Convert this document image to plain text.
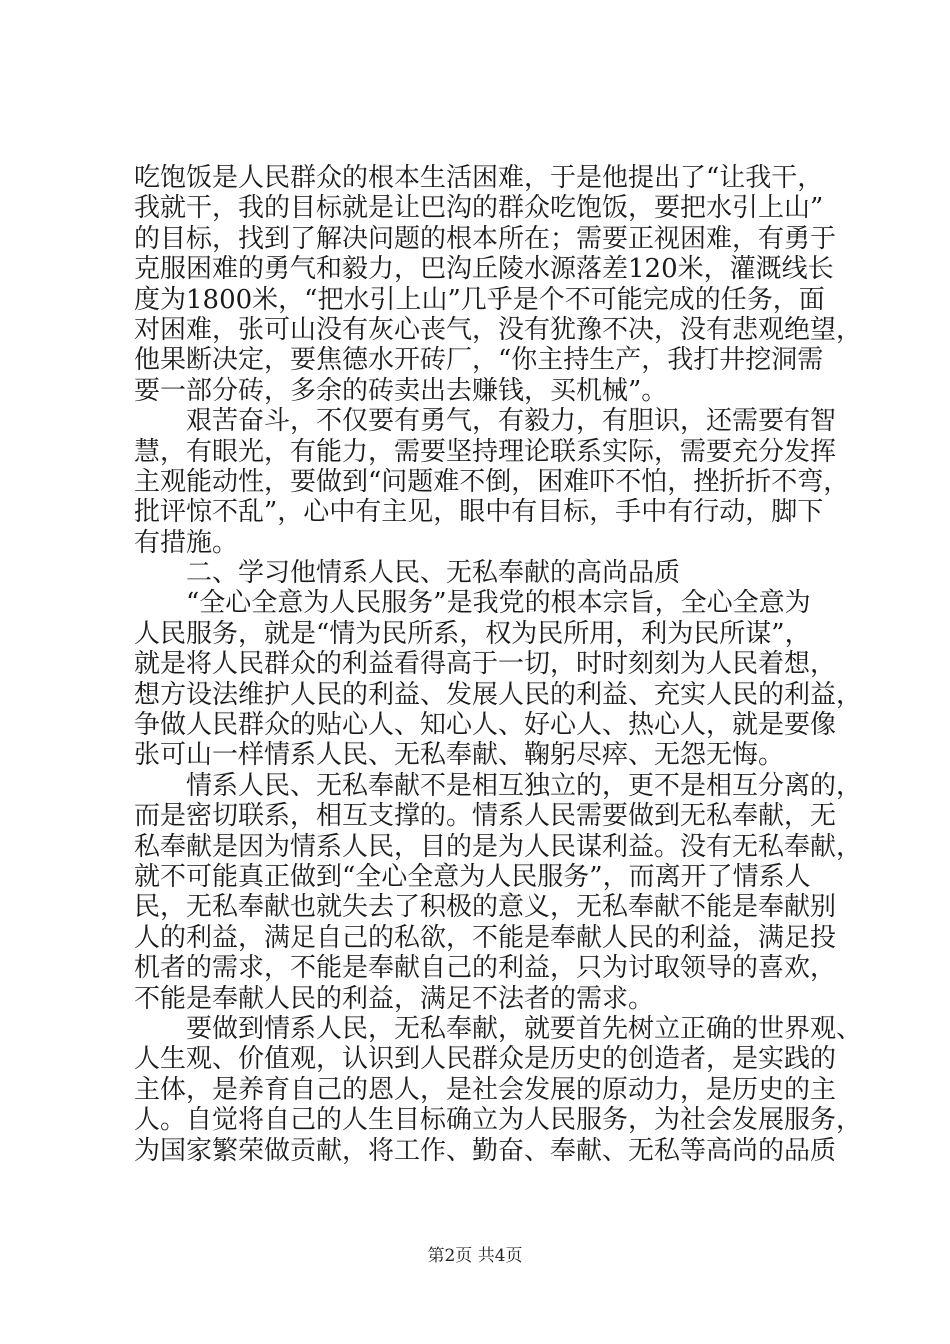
吃饱饭是人民群众的根本生活困难，于是他提出了“让我干，
我就干，我的目标就是让巴沟的群众吃饱饭，要把水引上山”
的目标，找到了解决问题的根本所在；需要正视困难，有勇于
克服困难的勇气和毅力，巴沟丘陵水源落差120米，灌溉线长
度为1800米，“把水引上山”几乎是个不可能完成的任务，面
对困难，张可山没有灰心丧气，没有犹豫不决，没有悲观绝望，
他果断决定，要焦德水开砖厂，“你主持生产，我打井挖洞需
要一部分砖，多余的砖卖出去赚钱，买机械”。
艰苦奋斗，不仅要有勇气，有毅力，有胆识，还需要有智
慧，有眼光，有能力，需要坚持理论联系实际，需要充分发挥
主观能动性，要做到“问题难不倒，困难吓不怕，挫折折不弯，
批评惊不乱”，心中有主见，眼中有目标，手中有行动，脚下
有措施。
二、学习他情系人民、无私奉献的高尚品质
“全心全意为人民服务”是我党的根本宗旨，全心全意为
人民服务，就是“情为民所系，权为民所用，利为民所谋”，
就是将人民群众的利益看得高于一切，时时刻刻为人民着想，
想方设法维护人民的利益、发展人民的利益、充实人民的利益，
争做人民群众的贴心人、知心人、好心人、热心人，就是要像
张可山一样情系人民、无私奉献、鞠躬尽瘁、无怨无悔。
情系人民、无私奉献不是相互独立的，更不是相互分离的，
而是密切联系，相互支撑的。情系人民需要做到无私奉献，无
私奉献是因为情系人民，目的是为人民谋利益。没有无私奉献，
就不可能真正做到“全心全意为人民服务”，而离开了情系人
民，无私奉献也就失去了积极的意义，无私奉献不能是奉献别
人的利益，满足自己的私欲，不能是奉献人民的利益，满足投
机者的需求，不能是奉献自己的利益，只为讨取领导的喜欢，
不能是奉献人民的利益，满足不法者的需求。
要做到情系人民，无私奉献，就要首先树立正确的世界观、
人生观、价值观，认识到人民群众是历史的创造者，是实践的
主体，是养育自己的恩人，是社会发展的原动力，是历史的主
人。自觉将自己的人生目标确立为人民服务，为社会发展服务，
为国家繁荣做贡献，将工作、勤奋、奉献、无私等高尚的品质
第2页 共4页
